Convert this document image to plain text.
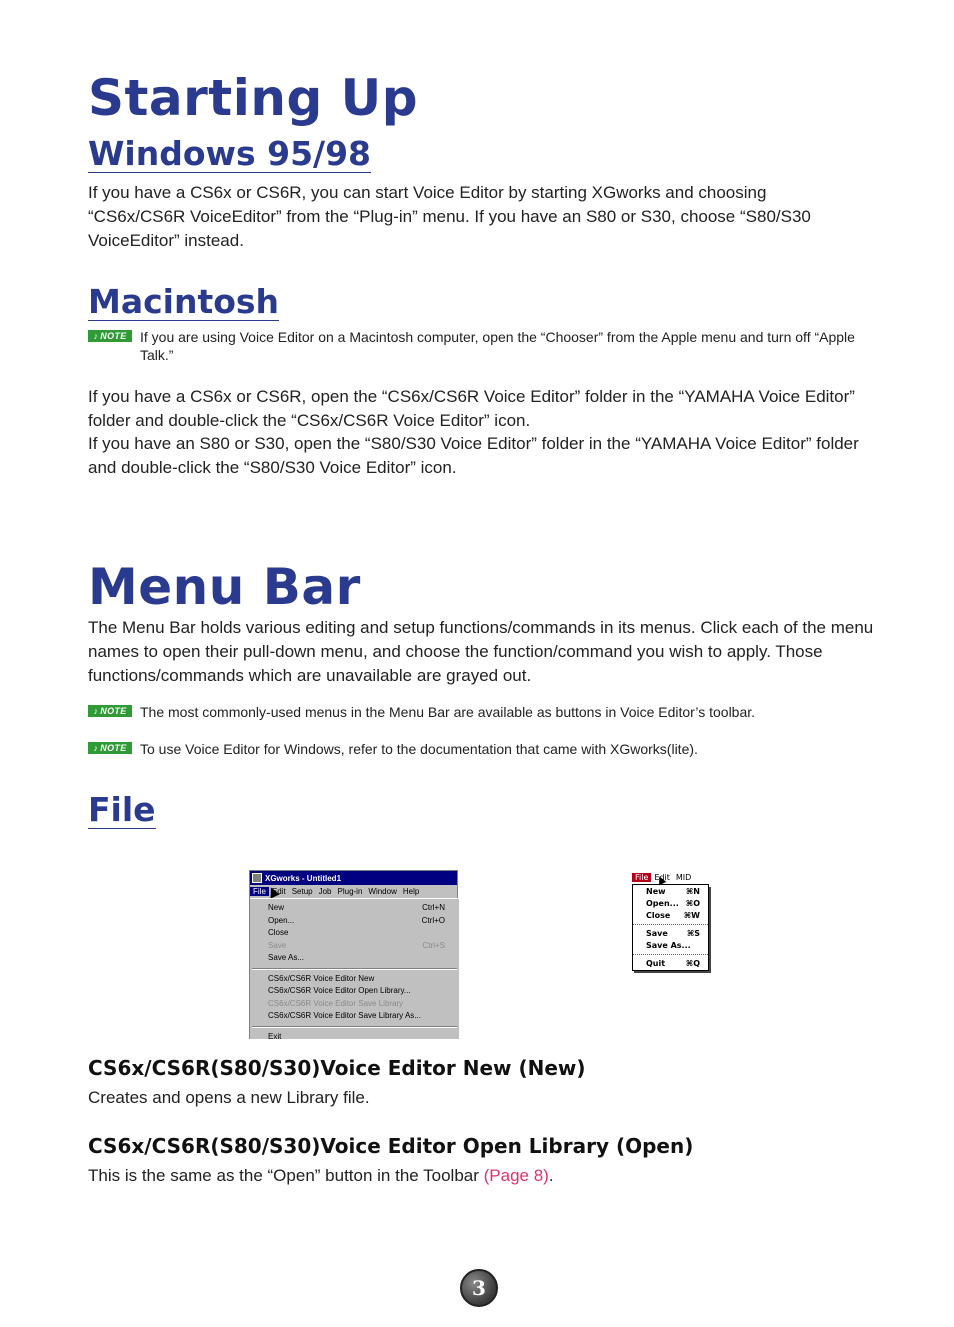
Starting Up
Windows 95/98

If you have a CS6x or CS6R, you can start Voice Editor by starting XGworks and choosing “CS6x/CS6R VoiceEditor” from the “Plug-in” menu. If you have an S80 or S30, choose “S80/S30 VoiceEditor” instead.

Macintosh
♪ NOTE If you are using Voice Editor on a Macintosh computer, open the “Chooser” from the Apple menu and turn off “Apple Talk.”

If you have a CS6x or CS6R, open the “CS6x/CS6R Voice Editor” folder in the “YAMAHA Voice Editor” folder and double-click the “CS6x/CS6R Voice Editor” icon.

If you have an S80 or S30, open the “S80/S30 Voice Editor” folder in the “YAMAHA Voice Editor” folder and double-click the “S80/S30 Voice Editor” icon.

Menu Bar

The Menu Bar holds various editing and setup functions/commands in its menus. Click each of the menu names to open their pull-down menu, and choose the function/command you wish to apply. Those functions/commands which are unavailable are grayed out.

♪ NOTE The most commonly-used menus in the Menu Bar are available as buttons in Voice Editor’s toolbar.
♪ NOTE To use Voice Editor for Windows, refer to the documentation that came with XGworks(lite).
File
XGworks - Untitled1
File Edit Setup Job Plug-in Window Help
New	Ctrl+N
Open...	Ctrl+O
Close
Save	Ctrl+S
Save As...
CS6x/CS6R Voice Editor New
CS6x/CS6R Voice Editor Open Library...
CS6x/CS6R Voice Editor Save Library
CS6x/CS6R Voice Editor Save Library As...
Exit
File Edit MID
New	⌘N
Open... ⌘O
Close ⌘W
Save ⌘S
Save As...
Quit	⌘Q
CS6x/CS6R(S80/S30)Voice Editor New (New)

Creates and opens a new Library file.

CS6x/CS6R(S80/S30)Voice Editor Open Library (Open)

This is the same as the “Open” button in the Toolbar (Page 8).

3
